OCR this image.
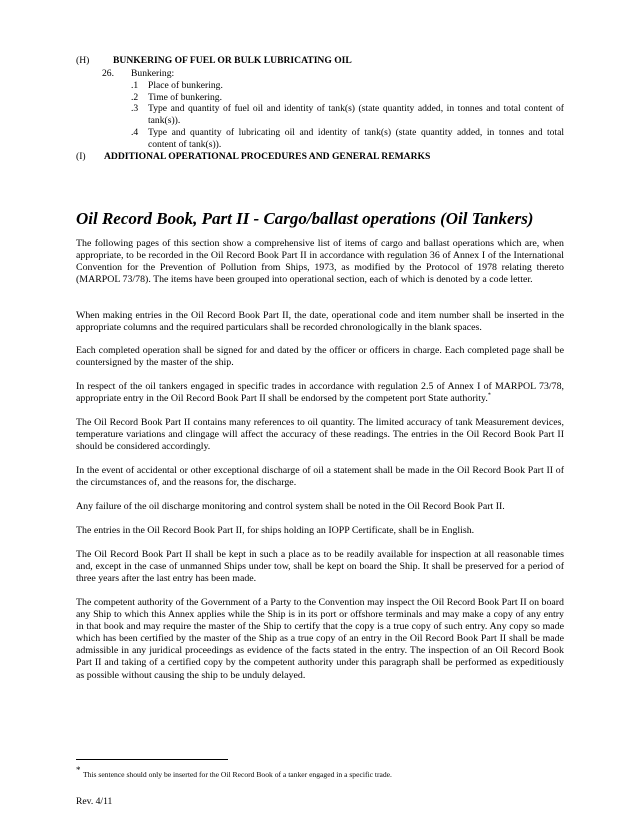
(H) BUNKERING OF FUEL OR BULK LUBRICATING OIL
26. Bunkering:
.1 Place of bunkering.
.2 Time of bunkering.
.3 Type and quantity of fuel oil and identity of tank(s) (state quantity added, in tonnes and total content of
tank(s)).
.4 Type and quantity of lubricating oil and identity of tank(s) (state quantity added, in tonnes and total
content of tank(s)).
(I) ADDITIONAL OPERATIONAL PROCEDURES AND GENERAL REMARKS
Oil Record Book, Part II - Cargo/ballast operations (Oil Tankers)

The following pages of this section show a comprehensive list of items of cargo and ballast operations which are, when appropriate, to be recorded in the Oil Record Book Part II in accordance with regulation 36 of Annex I of the International Convention for the Prevention of Pollution from Ships, 1973, as modified by the Protocol of 1978 relating thereto (MARPOL 73/78). The items have been grouped into operational section, each of which is denoted by a code letter.

When making entries in the Oil Record Book Part II, the date, operational code and item number shall be inserted in the appropriate columns and the required particulars shall be recorded chronologically in the blank spaces.

Each completed operation shall be signed for and dated by the officer or officers in charge. Each completed page shall be countersigned by the master of the ship.

In respect of the oil tankers engaged in specific trades in accordance with regulation 2.5 of Annex I of MARPOL 73/78, appropriate entry in the Oil Record Book Part II shall be endorsed by the competent port State authority.*

The Oil Record Book Part II contains many references to oil quantity. The limited accuracy of tank Measurement devices, temperature variations and clingage will affect the accuracy of these readings. The entries in the Oil Record Book Part II should be considered accordingly.

In the event of accidental or other exceptional discharge of oil a statement shall be made in the Oil Record Book Part II of the circumstances of, and the reasons for, the discharge.

Any failure of the oil discharge monitoring and control system shall be noted in the Oil Record Book Part II.

The entries in the Oil Record Book Part II, for ships holding an IOPP Certificate, shall be in English.

The Oil Record Book Part II shall be kept in such a place as to be readily available for inspection at all reasonable times and, except in the case of unmanned Ships under tow, shall be kept on board the Ship. It shall be preserved for a period of three years after the last entry has been made.

The competent authority of the Government of a Party to the Convention may inspect the Oil Record Book Part II on board any Ship to which this Annex applies while the Ship is in its port or offshore terminals and may make a copy of any entry in that book and may require the master of the Ship to certify that the copy is a true copy of such entry. Any copy so made which has been certified by the master of the Ship as a true copy of an entry in the Oil Record Book Part II shall be made admissible in any juridical proceedings as evidence of the facts stated in the entry. The inspection of an Oil Record Book Part II and taking of a certified copy by the competent authority under this paragraph shall be performed as expeditiously as possible without causing the ship to be unduly delayed.

* This sentence should only be inserted for the Oil Record Book of a tanker engaged in a specific trade.
Rev. 4/11
